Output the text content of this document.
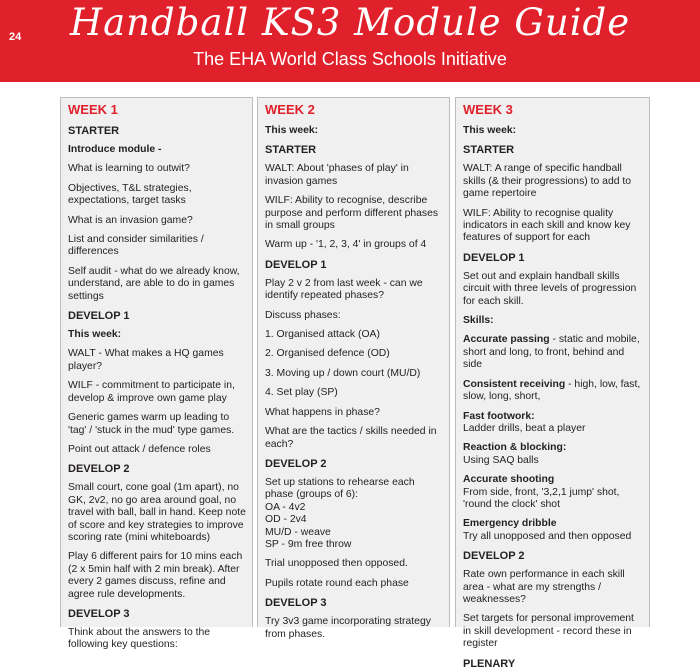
24	Handball KS3 Module Guide
The EHA World Class Schools Initiative
WEEK 1
STARTER
Introduce module -
What is learning to outwit?
Objectives, T&L strategies, expectations, target tasks
What is an invasion game?
List and consider similarities / differences
Self audit - what do we already know, understand, are able to do in games settings
DEVELOP 1
This week:
WALT - What makes a HQ games player?
WILF - commitment to participate in, develop & improve own game play
Generic games warm up leading to 'tag' / 'stuck in the mud' type games.
Point out attack / defence roles
DEVELOP 2
Small court, cone goal (1m apart), no GK, 2v2, no go area around goal, no travel with ball, ball in hand. Keep note of score and key strategies to improve scoring rate (mini whiteboards)
Play 6 different pairs for 10 mins each (2 x 5min half with 2 min break). After every 2 games discuss, refine and agree rule developments.
DEVELOP 3
Think about the answers to the following key questions:
WEEK 2
This week:
STARTER
WALT: About 'phases of play' in invasion games
WILF: Ability to recognise, describe purpose and perform different phases in small groups
Warm up - '1, 2, 3, 4' in groups of 4
DEVELOP 1
Play 2 v 2 from last week - can we identify repeated phases?
Discuss phases:
1. Organised attack (OA)
2. Organised defence (OD)
3. Moving up / down court (MU/D)
4. Set play (SP)
What happens in phase?
What are the tactics / skills needed in each?
DEVELOP 2
Set up stations to rehearse each phase (groups of 6):
OA - 4v2
OD - 2v4
MU/D - weave
SP - 9m free throw
Trial unopposed then opposed.
Pupils rotate round each phase
DEVELOP 3
Try 3v3 game incorporating strategy from phases.
WEEK 3
This week:
STARTER
WALT: A range of specific handball skills (& their progressions) to add to game repertoire
WILF: Ability to recognise quality indicators in each skill and know key features of support for each
DEVELOP 1
Set out and explain handball skills circuit with three levels of progression for each skill.
Skills:
Accurate passing - static and mobile, short and long, to front, behind and side
Consistent receiving - high, low, fast, slow, long, short,
Fast footwork:
Ladder drills, beat a player
Reaction & blocking:
Using SAQ balls
Accurate shooting
From side, front, '3,2,1 jump' shot, 'round the clock' shot
Emergency dribble
Try all unopposed and then opposed
DEVELOP 2
Rate own performance in each skill area - what are my strengths / weaknesses?
Set targets for personal improvement in skill development - record these in register
PLENARY
